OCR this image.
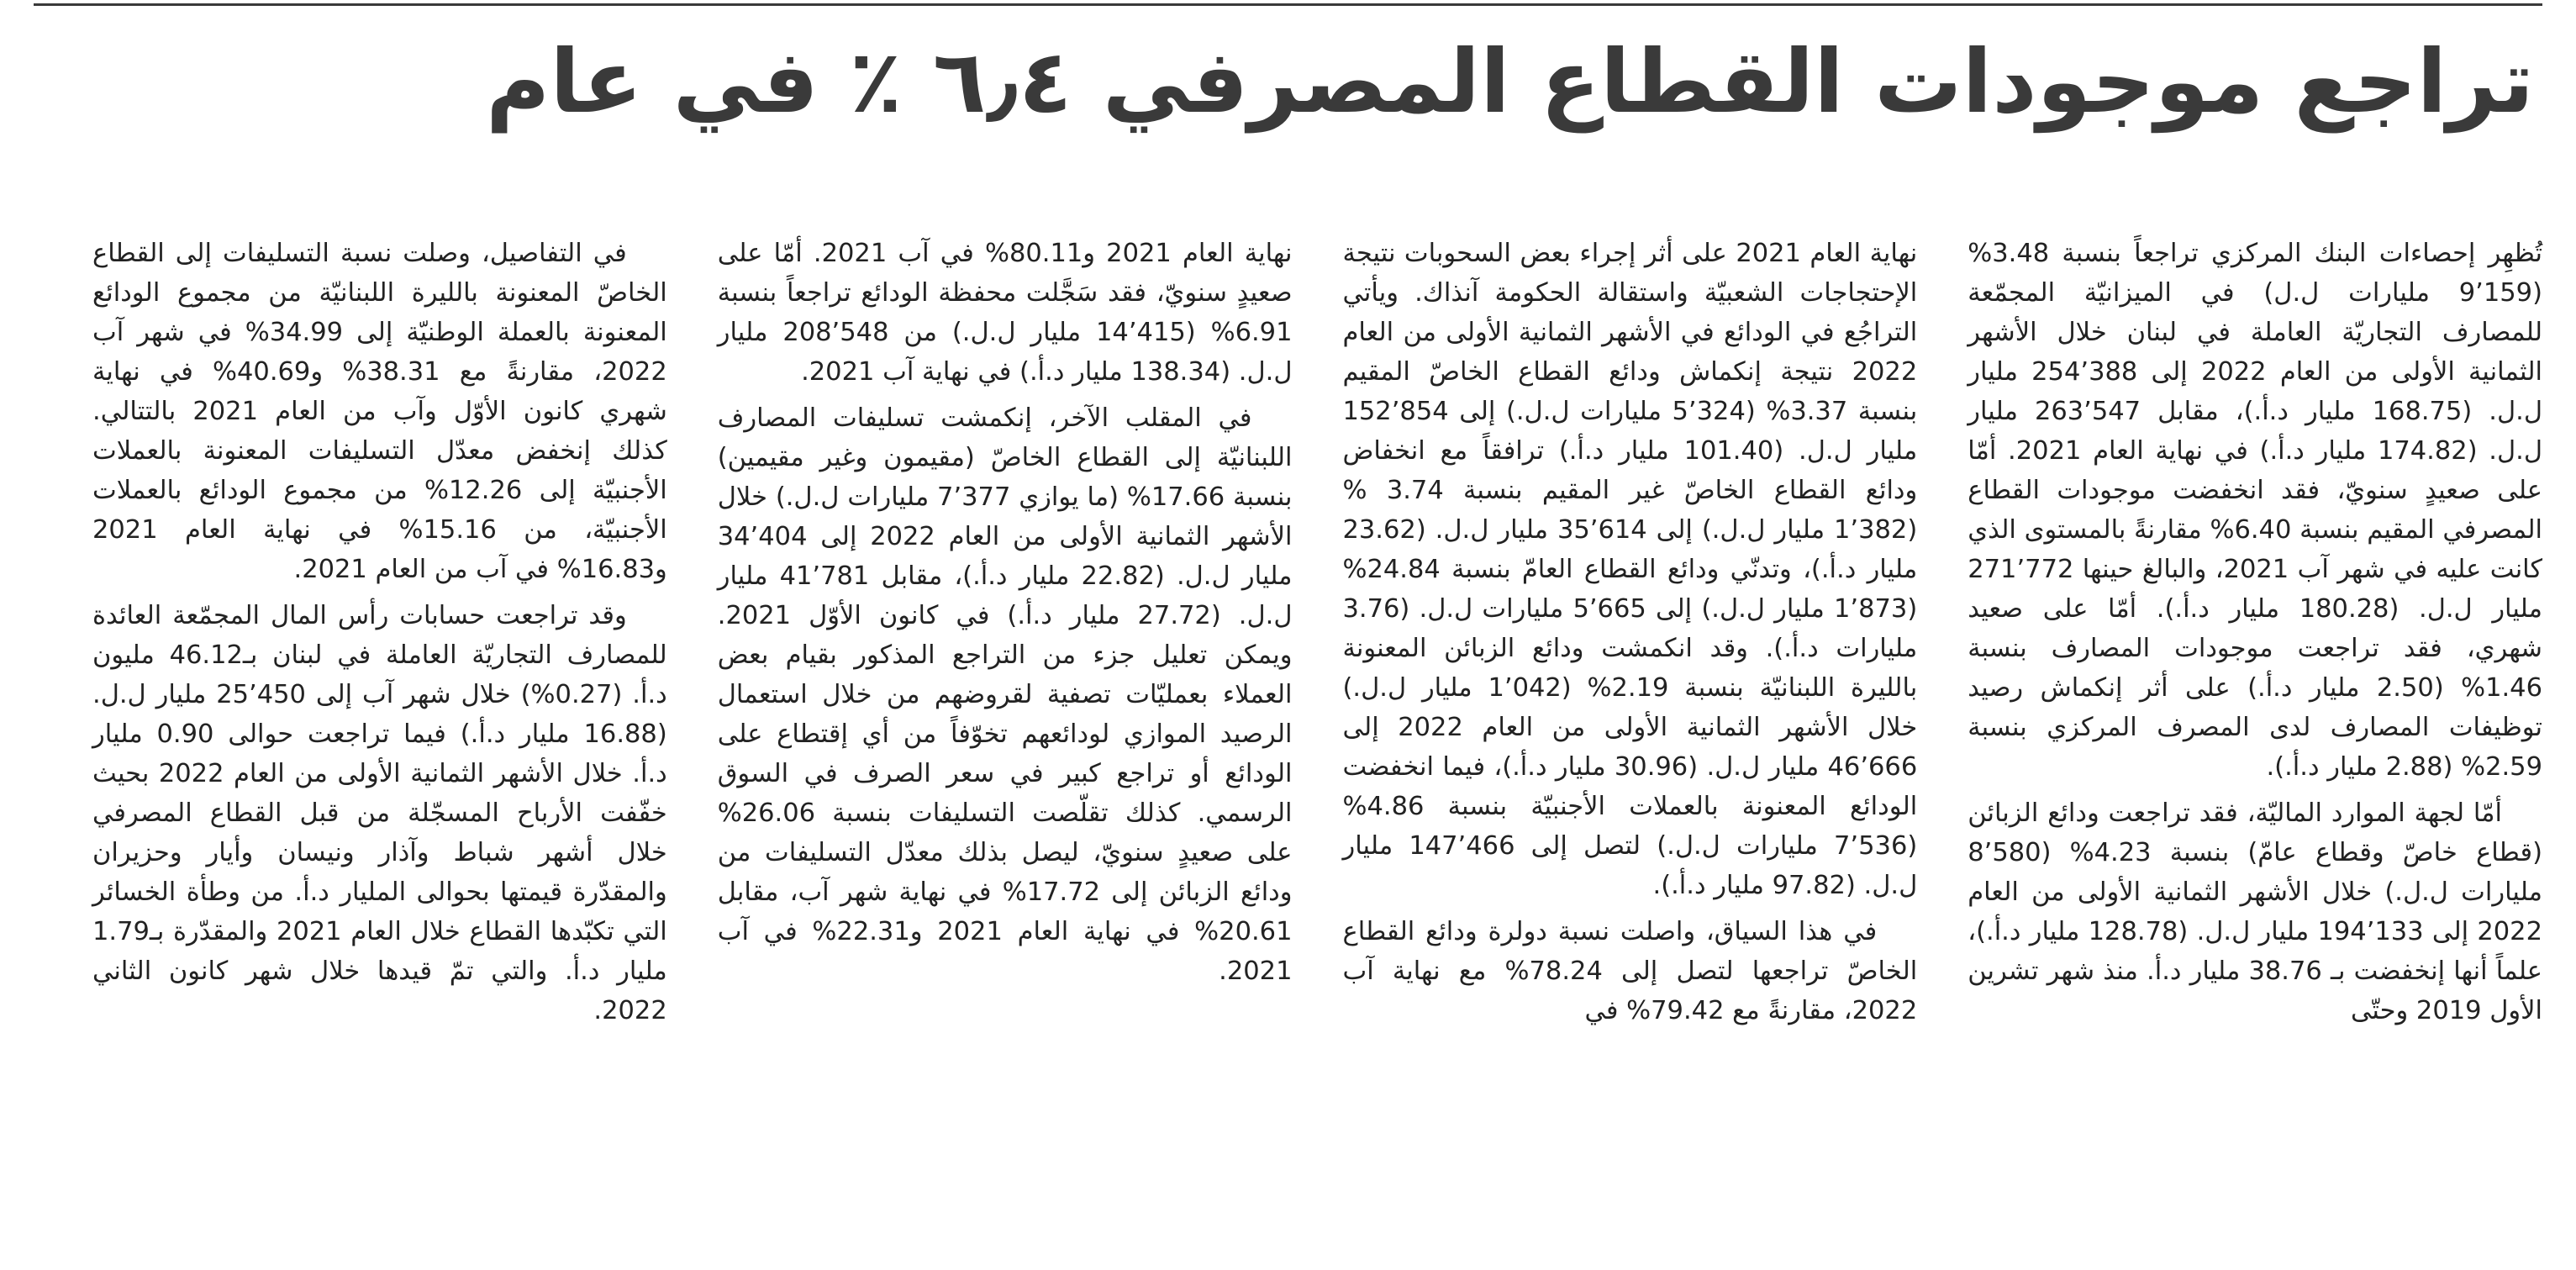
تراجع موجودات القطاع المصرفي ٦٫٤ ٪ في عام

تُظهِر إحصاءات البنك المركزي تراجعاً بنسبة 3.48% (9٬159 مليارات ل.ل) في الميزانيّة المجمّعة للمصارف التجاريّة العاملة في لبنان خلال الأشهر الثمانية الأولى من العام 2022 إلى 254٬388 مليار ل.ل. (168.75 مليار د.أ.)، مقابل 263٬547 مليار ل.ل. (174.82 مليار د.أ.) في نهاية العام 2021. أمّا على صعيدٍ سنويّ، فقد انخفضت موجودات القطاع المصرفي المقيم بنسبة 6.40% مقارنةً بالمستوى الذي كانت عليه في شهر آب 2021، والبالغ حينها 271٬772 مليار ل.ل. (180.28 مليار د.أ.). أمّا على صعيد شهري، فقد تراجعت موجودات المصارف بنسبة 1.46% (2.50 مليار د.أ.) على أثر إنكماش رصيد توظيفات المصارف لدى المصرف المركزي بنسبة 2.59% (2.88 مليار د.أ.).

أمّا لجهة الموارد الماليّة، فقد تراجعت ودائع الزبائن (قطاع خاصّ وقطاع عامّ) بنسبة 4.23% (8٬580 مليارات ل.ل.) خلال الأشهر الثمانية الأولى من العام 2022 إلى 194٬133 مليار ل.ل. (128.78 مليار د.أ.)، علماً أنها إنخفضت بـ 38.76 مليار د.أ. منذ شهر تشرين الأول 2019 وحتّى

نهاية العام 2021 على أثر إجراء بعض السحوبات نتيجة الإحتجاجات الشعبيّة واستقالة الحكومة آنذاك. ويأتي التراجُع في الودائع في الأشهر الثمانية الأولى من العام 2022 نتيجة إنكماش ودائع القطاع الخاصّ المقيم بنسبة 3.37% (5٬324 مليارات ل.ل.) إلى 152٬854 مليار ل.ل. (101.40 مليار د.أ.) ترافقاً مع انخفاض ودائع القطاع الخاصّ غير المقيم بنسبة 3.74 % (1٬382 مليار ل.ل.) إلى 35٬614 مليار ل.ل. (23.62 مليار د.أ.)، وتدنّي ودائع القطاع العامّ بنسبة 24.84% (1٬873 مليار ل.ل.) إلى 5٬665 مليارات ل.ل. (3.76 مليارات د.أ.). وقد انكمشت ودائع الزبائن المعنونة بالليرة اللبنانيّة بنسبة 2.19% (1٬042 مليار ل.ل.) خلال الأشهر الثمانية الأولى من العام 2022 إلى 46٬666 مليار ل.ل. (30.96 مليار د.أ.)، فيما انخفضت الودائع المعنونة بالعملات الأجنبيّة بنسبة 4.86% (7٬536 مليارات ل.ل.) لتصل إلى 147٬466 مليار ل.ل. (97.82 مليار د.أ.).

في هذا السياق، واصلت نسبة دولرة ودائع القطاع الخاصّ تراجعها لتصل إلى 78.24% مع نهاية آب 2022، مقارنةً مع 79.42% في

نهاية العام 2021 و80.11% في آب 2021. أمّا على صعيدٍ سنويّ، فقد سَجَّلت محفظة الودائع تراجعاً بنسبة 6.91% (14٬415 مليار ل.ل.) من 208٬548 مليار ل.ل. (138.34 مليار د.أ.) في نهاية آب 2021.

في المقلب الآخر، إنكمشت تسليفات المصارف اللبنانيّة إلى القطاع الخاصّ (مقيمون وغير مقيمين) بنسبة 17.66% (ما يوازي 7٬377 مليارات ل.ل.) خلال الأشهر الثمانية الأولى من العام 2022 إلى 34٬404 مليار ل.ل. (22.82 مليار د.أ.)، مقابل 41٬781 مليار ل.ل. (27.72 مليار د.أ.) في كانون الأوّل 2021. ويمكن تعليل جزء من التراجع المذكور بقيام بعض العملاء بعمليّات تصفية لقروضهم من خلال استعمال الرصيد الموازي لودائعهم تخوّفاً من أي إقتطاع على الودائع أو تراجع كبير في سعر الصرف في السوق الرسمي. كذلك تقلّصت التسليفات بنسبة 26.06% على صعيدٍ سنويّ، ليصل بذلك معدّل التسليفات من ودائع الزبائن إلى 17.72% في نهاية شهر آب، مقابل 20.61% في نهاية العام 2021 و22.31% في آب 2021.

في التفاصيل، وصلت نسبة التسليفات إلى القطاع الخاصّ المعنونة بالليرة اللبنانيّة من مجموع الودائع المعنونة بالعملة الوطنيّة إلى 34.99% في شهر آب 2022، مقارنةً مع 38.31% و40.69% في نهاية شهري كانون الأوّل وآب من العام 2021 بالتتالي. كذلك إنخفض معدّل التسليفات المعنونة بالعملات الأجنبيّة إلى 12.26% من مجموع الودائع بالعملات الأجنبيّة، من 15.16% في نهاية العام 2021 و16.83% في آب من العام 2021.

وقد تراجعت حسابات رأس المال المجمّعة العائدة للمصارف التجاريّة العاملة في لبنان بـ46.12 مليون د.أ. (0.27%) خلال شهر آب إلى 25٬450 مليار ل.ل. (16.88 مليار د.أ.) فيما تراجعت حوالى 0.90 مليار د.أ. خلال الأشهر الثمانية الأولى من العام 2022 بحيث خفّفت الأرباح المسجّلة من قبل القطاع المصرفي خلال أشهر شباط وآذار ونيسان وأيار وحزيران والمقدّرة قيمتها بحوالى المليار د.أ. من وطأة الخسائر التي تكبّدها القطاع خلال العام 2021 والمقدّرة بـ1.79 مليار د.أ. والتي تمّ قيدها خلال شهر كانون الثاني 2022.
